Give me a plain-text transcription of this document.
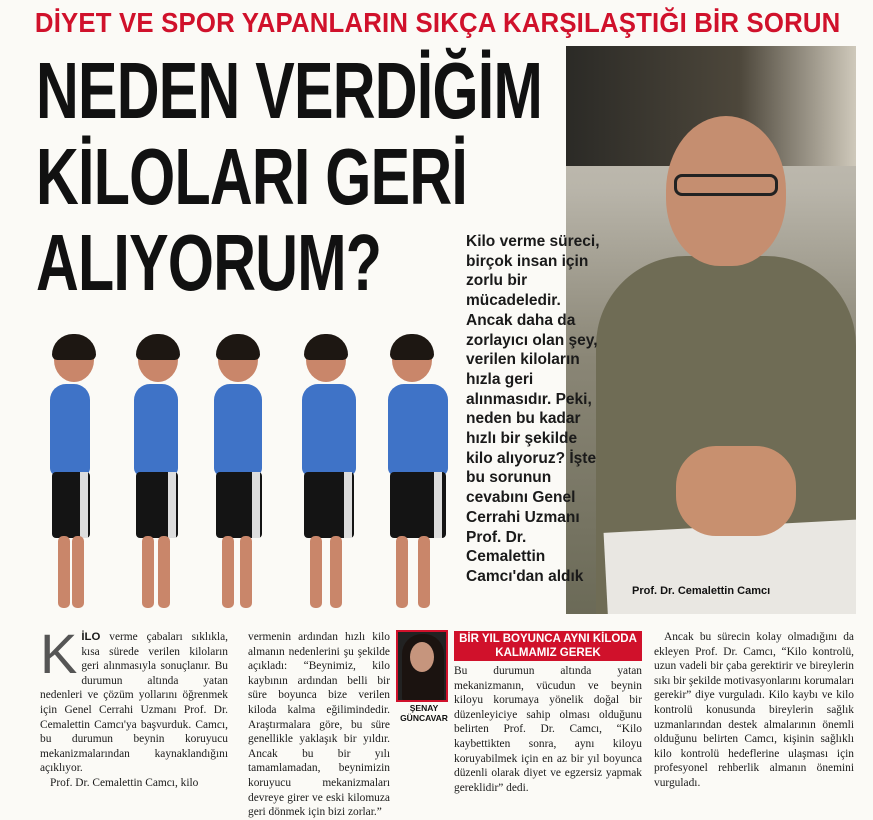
DİYET VE SPOR YAPANLARIN SIKÇA KARŞILAŞTIĞI BİR SORUN
NEDEN VERDİĞİM
KİLOLARI GERİ
ALIYORUM?
Prof. Dr. Cemalettin Camcı
Kilo verme süreci, birçok insan için zorlu bir mücadeledir. Ancak daha da zorlayıcı olan şey, verilen kiloların hızla geri alınmasıdır. Peki, neden bu kadar hızlı bir şekilde kilo alıyoruz? İşte bu sorunun cevabını Genel Cerrahi Uzmanı Prof. Dr. Cemalettin Camcı'dan aldık

KİLO verme çabaları sıklıkla, kısa sürede verilen kiloların geri alınmasıyla sonuçlanır. Bu durumun altında yatan nedenleri ve çözüm yollarını öğrenmek için Genel Cerrahi Uzmanı Prof. Dr. Cemalettin Camcı'ya başvurduk. Camcı, bu durumun beynin koruyucu mekanizmalarından kaynaklandığını açıklıyor.

Prof. Dr. Cemalettin Camcı, kilo

vermenin ardından hızlı kilo almanın nedenlerini şu şekilde açıkladı: “Beynimiz, kilo kaybının ardından belli bir süre boyunca bize verilen kiloda kalma eğilimindedir. Araştırmalara göre, bu süre genellikle yaklaşık bir yıldır. Ancak bu bir yılı tamamlamadan, beynimizin koruyucu mekanizmaları devreye girer ve eski kilomuza geri dönmek için bizi zorlar.”
ŞENAY
GÜNCAVAR
BİR YIL BOYUNCA AYNI KİLODA KALMAMIZ GEREK
Bu durumun altında yatan mekanizmanın, vücudun ve beynin kiloyu korumaya yönelik doğal bir düzenleyiciye sahip olması olduğunu belirten Prof. Dr. Camcı, “Kilo kaybettikten sonra, aynı kiloyu koruyabilmek için en az bir yıl boyunca düzenli olarak diyet ve egzersiz yapmak gereklidir” dedi.

Ancak bu sürecin kolay olmadığını da ekleyen Prof. Dr. Camcı, “Kilo kontrolü, uzun vadeli bir çaba gerektirir ve bireylerin sıkı bir şekilde motivasyonlarını korumaları gerekir” diye vurguladı. Kilo kaybı ve kilo kontrolü konusunda bireylerin sağlık uzmanlarından destek almalarının önemli olduğunu belirten Camcı, kişinin sağlıklı kilo kontrolü hedeflerine ulaşması için profesyonel rehberlik almanın önemini vurguladı.
